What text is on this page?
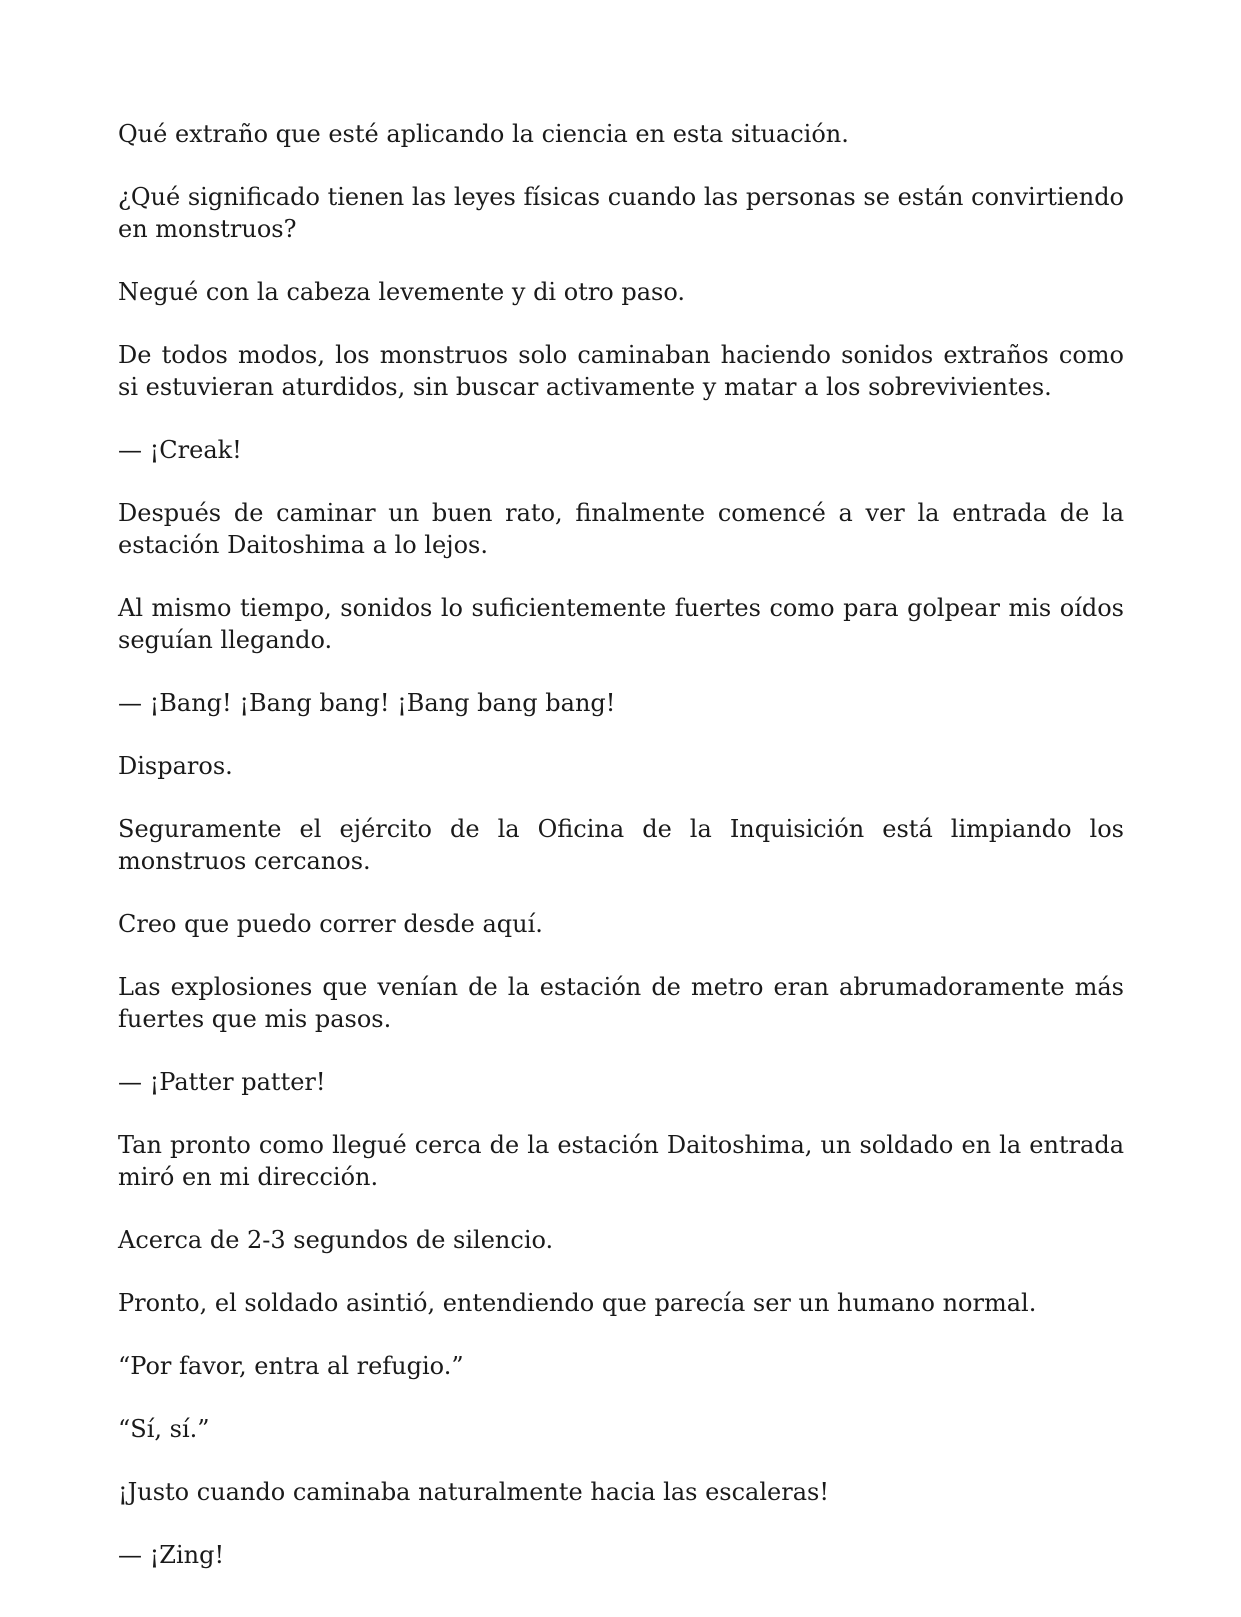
Qué extraño que esté aplicando la ciencia en esta situación.

¿Qué significado tienen las leyes físicas cuando las personas se están convirtiendo en monstruos?

Negué con la cabeza levemente y di otro paso.

De todos modos, los monstruos solo caminaban haciendo sonidos extraños como si estuvieran aturdidos, sin buscar activamente y matar a los sobrevivientes.

— ¡Creak!

Después de caminar un buen rato, finalmente comencé a ver la entrada de la estación Daitoshima a lo lejos.

Al mismo tiempo, sonidos lo suficientemente fuertes como para golpear mis oídos seguían llegando.

— ¡Bang! ¡Bang bang! ¡Bang bang bang!

Disparos.

Seguramente el ejército de la Oficina de la Inquisición está limpiando los monstruos cercanos.

Creo que puedo correr desde aquí.

Las explosiones que venían de la estación de metro eran abrumadoramente más fuertes que mis pasos.

— ¡Patter patter!

Tan pronto como llegué cerca de la estación Daitoshima, un soldado en la entrada miró en mi dirección.

Acerca de 2-3 segundos de silencio.

Pronto, el soldado asintió, entendiendo que parecía ser un humano normal.

“Por favor, entra al refugio.”

“Sí, sí.”

¡Justo cuando caminaba naturalmente hacia las escaleras!

— ¡Zing!
